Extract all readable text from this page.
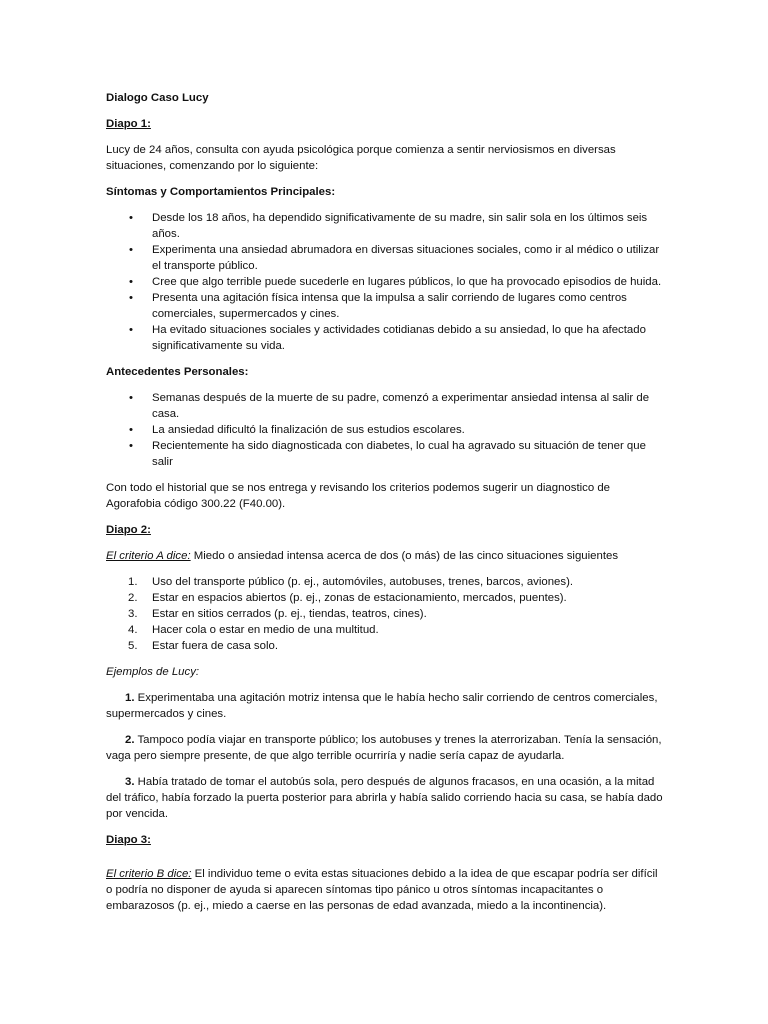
Dialogo Caso Lucy

Diapo 1:

Lucy de 24 años, consulta con ayuda psicológica porque comienza a sentir nerviosismos en diversas situaciones, comenzando por lo siguiente:

Síntomas y Comportamientos Principales:

• Desde los 18 años, ha dependido significativamente de su madre, sin salir sola en los últimos seis años.
• Experimenta una ansiedad abrumadora en diversas situaciones sociales, como ir al médico o utilizar el transporte público.
• Cree que algo terrible puede sucederle en lugares públicos, lo que ha provocado episodios de huida.
• Presenta una agitación física intensa que la impulsa a salir corriendo de lugares como centros comerciales, supermercados y cines.
• Ha evitado situaciones sociales y actividades cotidianas debido a su ansiedad, lo que ha afectado significativamente su vida.

Antecedentes Personales:

• Semanas después de la muerte de su padre, comenzó a experimentar ansiedad intensa al salir de casa.
• La ansiedad dificultó la finalización de sus estudios escolares.
• Recientemente ha sido diagnosticada con diabetes, lo cual ha agravado su situación de tener que salir

Con todo el historial que se nos entrega y revisando los criterios podemos sugerir un diagnostico de Agorafobia código 300.22 (F40.00).

Diapo 2:

El criterio A dice: Miedo o ansiedad intensa acerca de dos (o más) de las cinco situaciones siguientes

1. Uso del transporte público (p. ej., automóviles, autobuses, trenes, barcos, aviones).
2. Estar en espacios abiertos (p. ej., zonas de estacionamiento, mercados, puentes).
3. Estar en sitios cerrados (p. ej., tiendas, teatros, cines).
4. Hacer cola o estar en medio de una multitud.
5. Estar fuera de casa solo.

Ejemplos de Lucy:

1. Experimentaba una agitación motriz intensa que le había hecho salir corriendo de centros comerciales, supermercados y cines.

2. Tampoco podía viajar en transporte público; los autobuses y trenes la aterrorizaban. Tenía la sensación, vaga pero siempre presente, de que algo terrible ocurriría y nadie sería capaz de ayudarla.

3. Había tratado de tomar el autobús sola, pero después de algunos fracasos, en una ocasión, a la mitad del tráfico, había forzado la puerta posterior para abrirla y había salido corriendo hacia su casa, se había dado por vencida.

Diapo 3:

El criterio B dice: El individuo teme o evita estas situaciones debido a la idea de que escapar podría ser difícil o podría no disponer de ayuda si aparecen síntomas tipo pánico u otros síntomas incapacitantes o embarazosos (p. ej., miedo a caerse en las personas de edad avanzada, miedo a la incontinencia).
